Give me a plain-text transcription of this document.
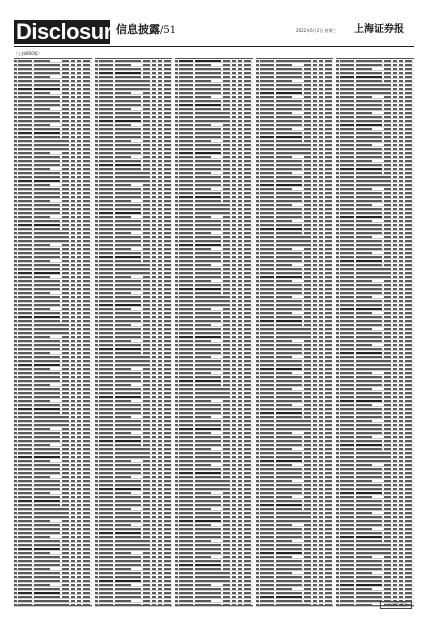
Disclosure
信息披露/51	2022年6月2日 星期三 上海证券报
（上接B50版）
（下转B52版）
